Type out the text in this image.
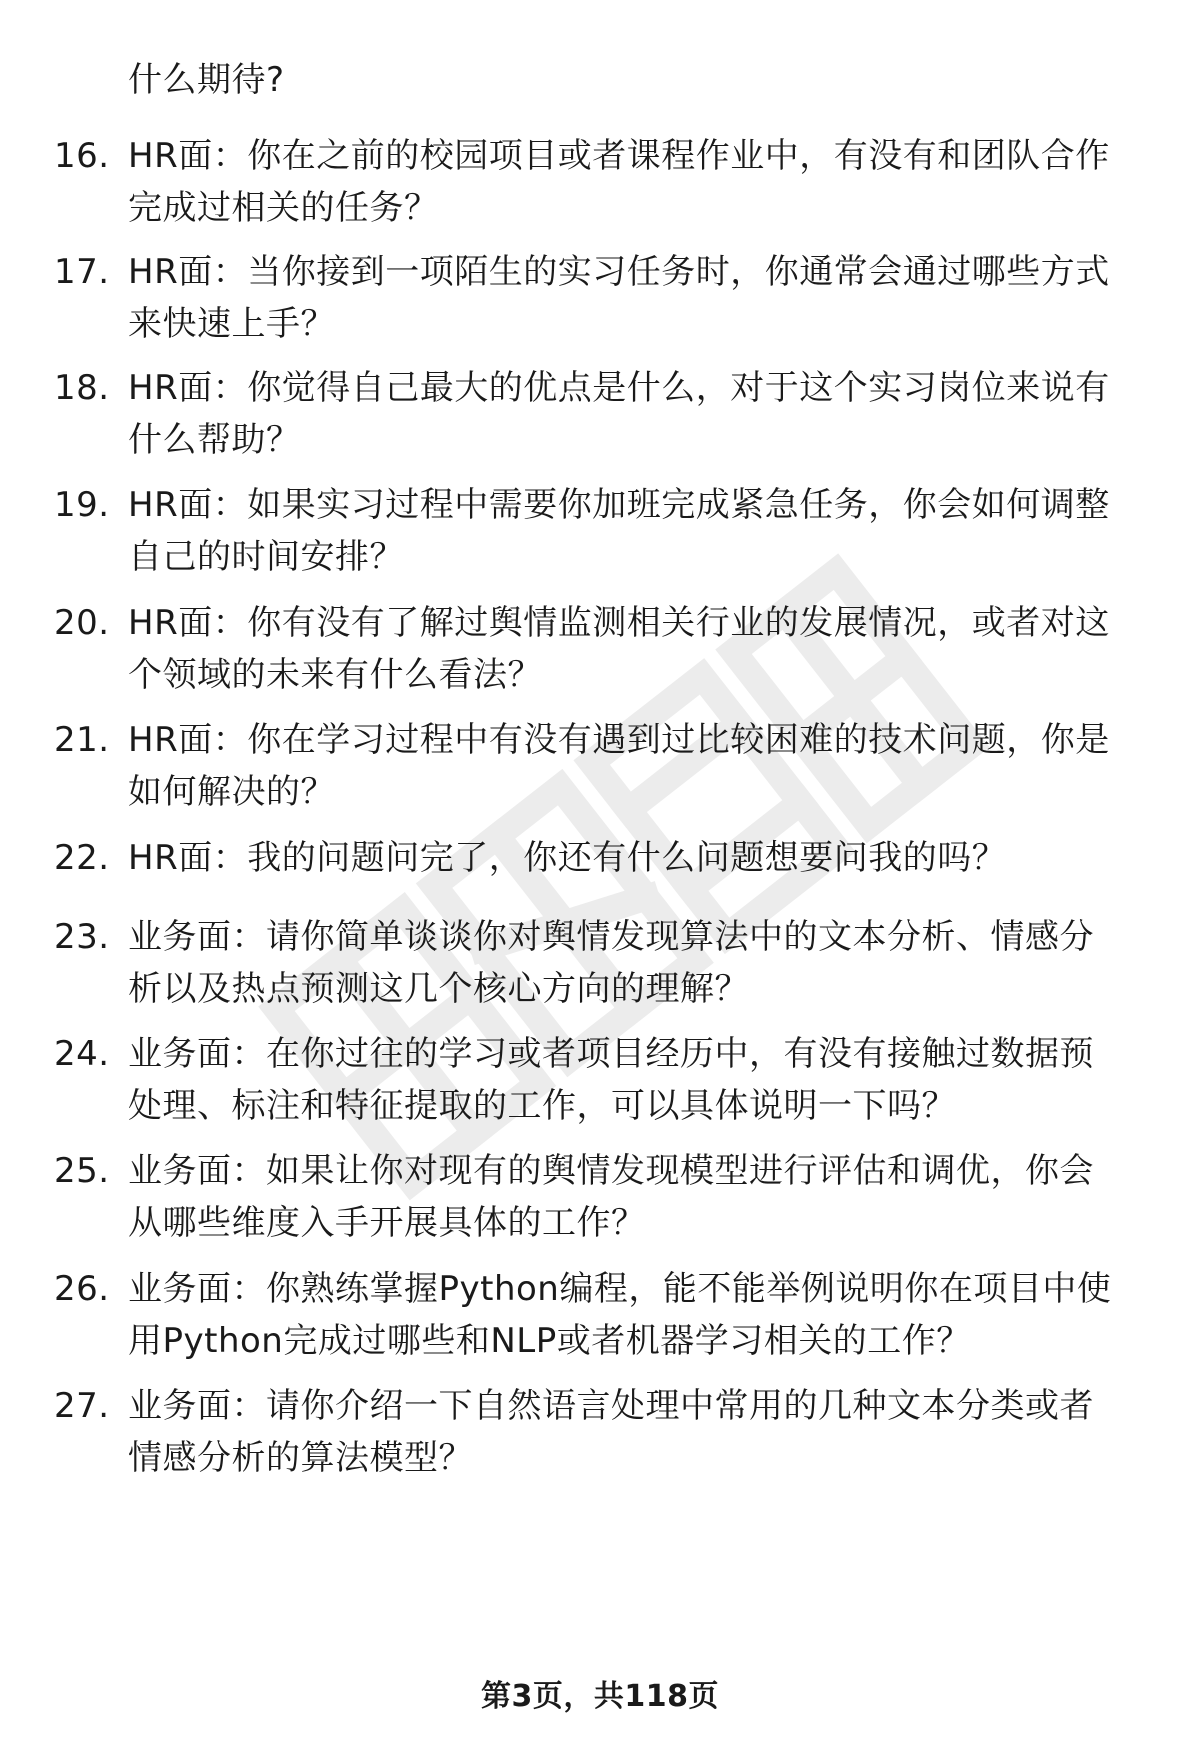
什么期待?
16. HR面：你在之前的校园项目或者课程作业中，有没有和团队合作
完成过相关的任务？
17. HR面：当你接到一项陌生的实习任务时，你通常会通过哪些方式
来快速上手？
18. HR面：你觉得自己最大的优点是什么，对于这个实习岗位来说有
什么帮助？
19. HR面：如果实习过程中需要你加班完成紧急任务，你会如何调整
自己的时间安排？
20. HR面：你有没有了解过舆情监测相关行业的发展情况，或者对这
个领域的未来有什么看法？
21. HR面：你在学习过程中有没有遇到过比较困难的技术问题，你是
如何解决的？
22. HR面：我的问题问完了，你还有什么问题想要问我的吗？
23. 业务面：请你简单谈谈你对舆情发现算法中的文本分析、情感分
析以及热点预测这几个核心方向的理解？
24. 业务面：在你过往的学习或者项目经历中，有没有接触过数据预
处理、标注和特征提取的工作，可以具体说明一下吗？
25. 业务面：如果让你对现有的舆情发现模型进行评估和调优，你会
从哪些维度入手开展具体的工作？
26. 业务面：你熟练掌握Python编程，能不能举例说明你在项目中使
用Python完成过哪些和NLP或者机器学习相关的工作？
27. 业务面：请你介绍一下自然语言处理中常用的几种文本分类或者
情感分析的算法模型？
第3页，共118页
